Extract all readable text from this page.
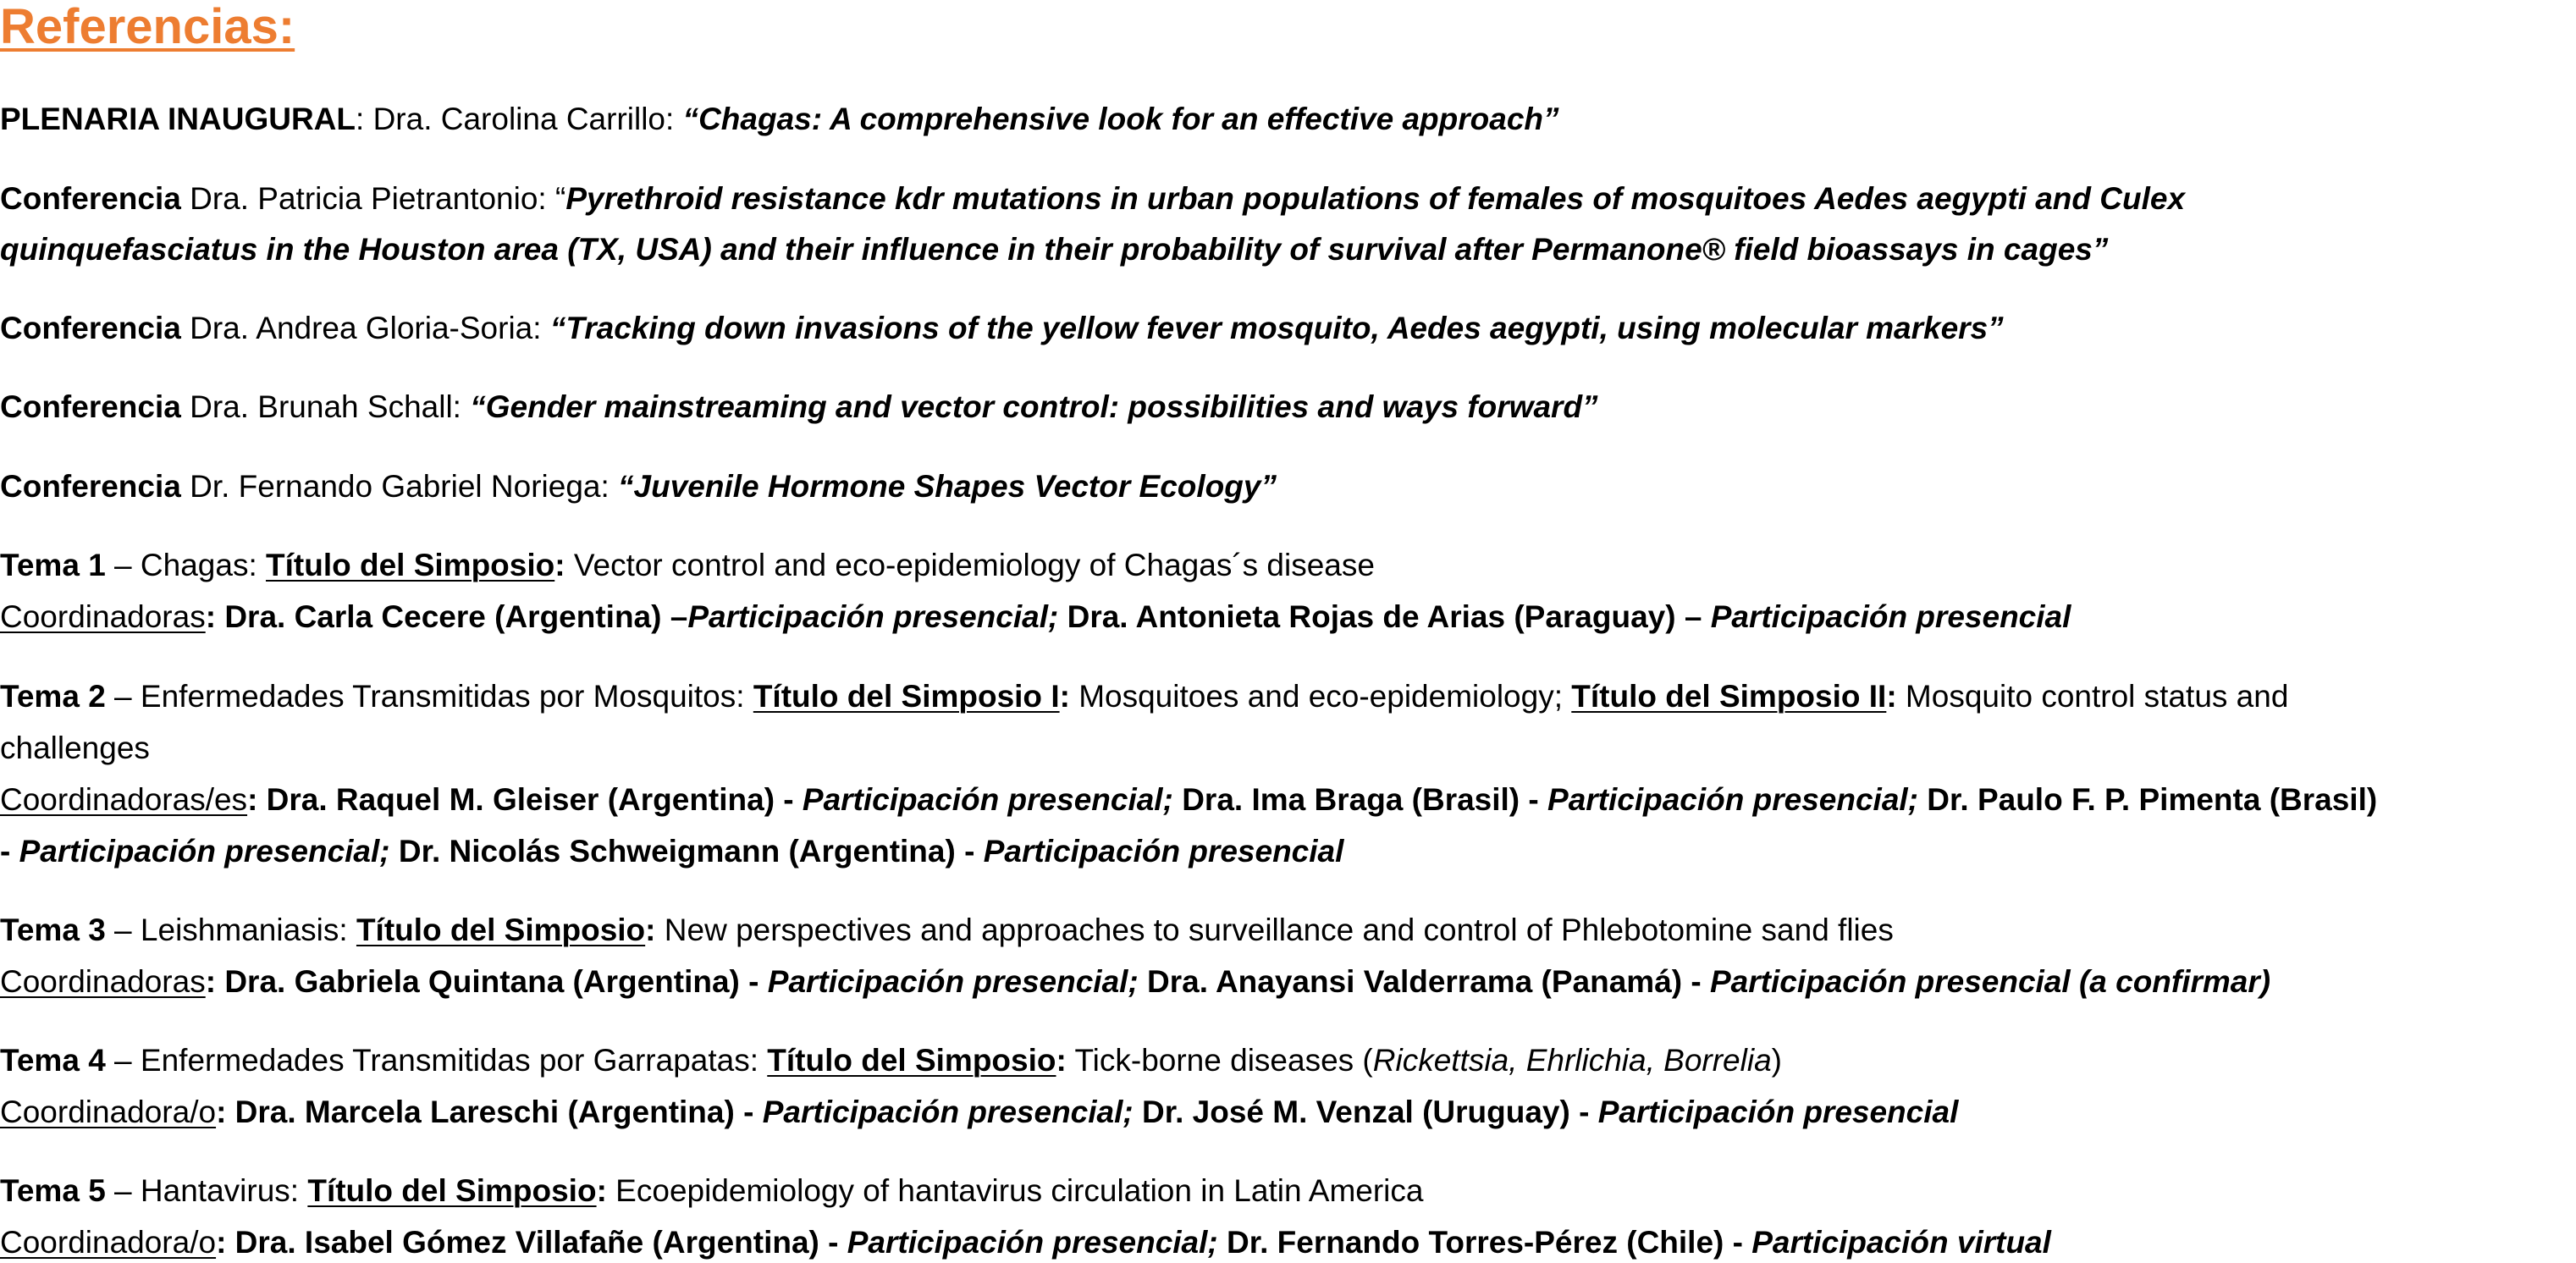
Referencias:

PLENARIA INAUGURAL: Dra. Carolina Carrillo: “Chagas: A comprehensive look for an effective approach”

Conferencia Dra. Patricia Pietrantonio: “Pyrethroid resistance kdr mutations in urban populations of females of mosquitoes Aedes aegypti and Culex

quinquefasciatus in the Houston area (TX, USA) and their influence in their probability of survival after Permanone® field bioassays in cages”

Conferencia Dra. Andrea Gloria-Soria: “Tracking down invasions of the yellow fever mosquito, Aedes aegypti, using molecular markers”

Conferencia Dra. Brunah Schall: “Gender mainstreaming and vector control: possibilities and ways forward”

Conferencia Dr. Fernando Gabriel Noriega: “Juvenile Hormone Shapes Vector Ecology”

Tema 1 – Chagas: Título del Simposio: Vector control and eco-epidemiology of Chagas´s disease

Coordinadoras: Dra. Carla Cecere (Argentina) –Participación presencial; Dra. Antonieta Rojas de Arias (Paraguay) – Participación presencial

Tema 2 – Enfermedades Transmitidas por Mosquitos: Título del Simposio I: Mosquitoes and eco-epidemiology; Título del Simposio II: Mosquito control status and

challenges

Coordinadoras/es: Dra. Raquel M. Gleiser (Argentina) - Participación presencial; Dra. Ima Braga (Brasil) - Participación presencial; Dr. Paulo F. P. Pimenta (Brasil)

- Participación presencial; Dr. Nicolás Schweigmann (Argentina) - Participación presencial

Tema 3 – Leishmaniasis: Título del Simposio: New perspectives and approaches to surveillance and control of Phlebotomine sand flies

Coordinadoras: Dra. Gabriela Quintana (Argentina) - Participación presencial; Dra. Anayansi Valderrama (Panamá) - Participación presencial (a confirmar)

Tema 4 – Enfermedades Transmitidas por Garrapatas: Título del Simposio: Tick-borne diseases (Rickettsia, Ehrlichia, Borrelia)

Coordinadora/o: Dra. Marcela Lareschi (Argentina) - Participación presencial; Dr. José M. Venzal (Uruguay) - Participación presencial

Tema 5 – Hantavirus: Título del Simposio: Ecoepidemiology of hantavirus circulation in Latin America

Coordinadora/o: Dra. Isabel Gómez Villafañe (Argentina) - Participación presencial; Dr. Fernando Torres-Pérez (Chile) - Participación virtual
